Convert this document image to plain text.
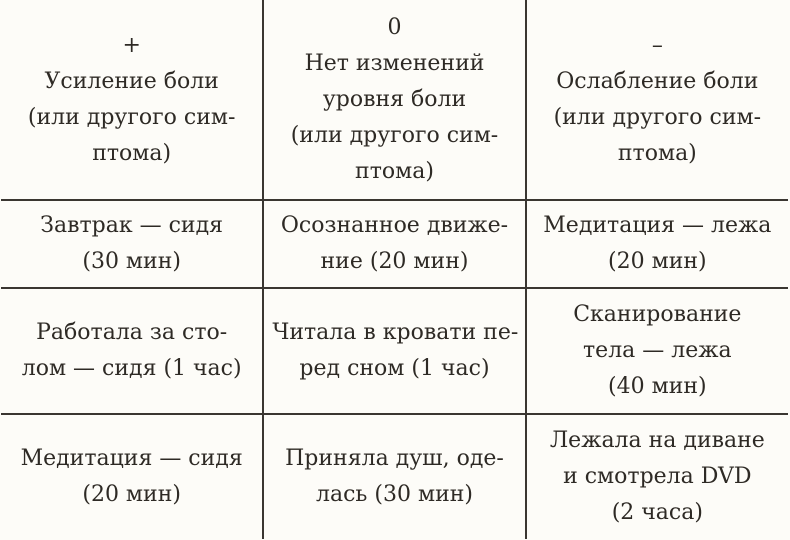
+
Усиление боли
(или другого сим-
птома)	0
Нет изменений
уровня боли
(или другого сим-
птома)	–
Ослабление боли
(или другого сим-
птома)

Завтрак — сидя
(30 мин)	Осознанное движе-
ние (20 мин)	Медитация — лежа
(20 мин)

Работала за сто-
лом — сидя (1 час)	Читала в кровати пе-
ред сном (1 час)	Сканирование
тела — лежа
(40 мин)

Медитация — сидя
(20 мин)	Приняла душ, оде-
лась (30 мин)	Лежала на диване
и смотрела DVD
(2 часа)
